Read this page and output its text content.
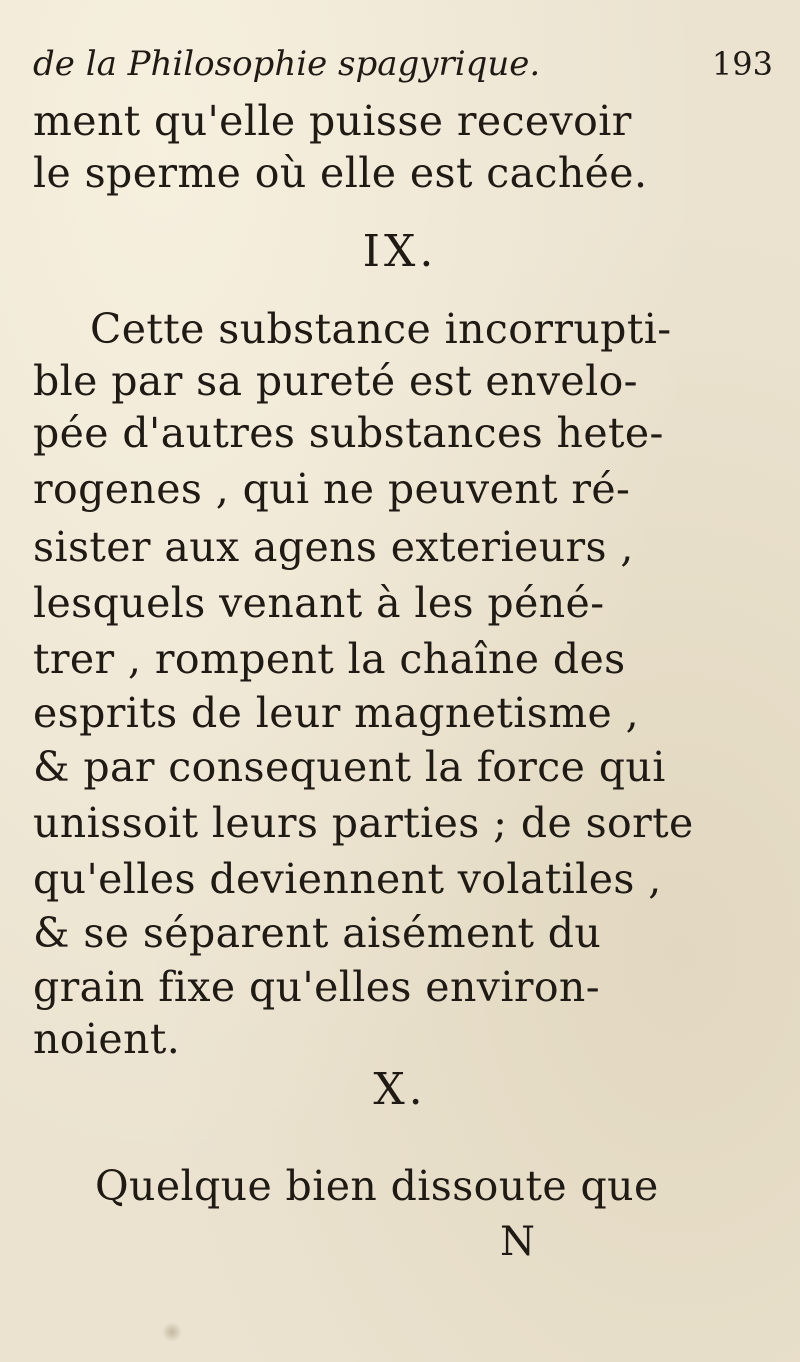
de la Philosophie spagyrique.	193
ment qu'elle puisse recevoir
le sperme où elle est cachée.
IX.
Cette substance incorrupti-
ble par sa pureté est envelo-
pée d'autres substances hete-
rogenes , qui ne peuvent ré-
sister aux agens exterieurs ,
lesquels venant à les péné-
trer , rompent la chaîne des
esprits de leur magnetisme ,
& par consequent la force qui
unissoit leurs parties ; de sorte
qu'elles deviennent volatiles ,
& se séparent aisément du
grain fixe qu'elles environ-
noient.
X.
Quelque bien dissoute que
N
